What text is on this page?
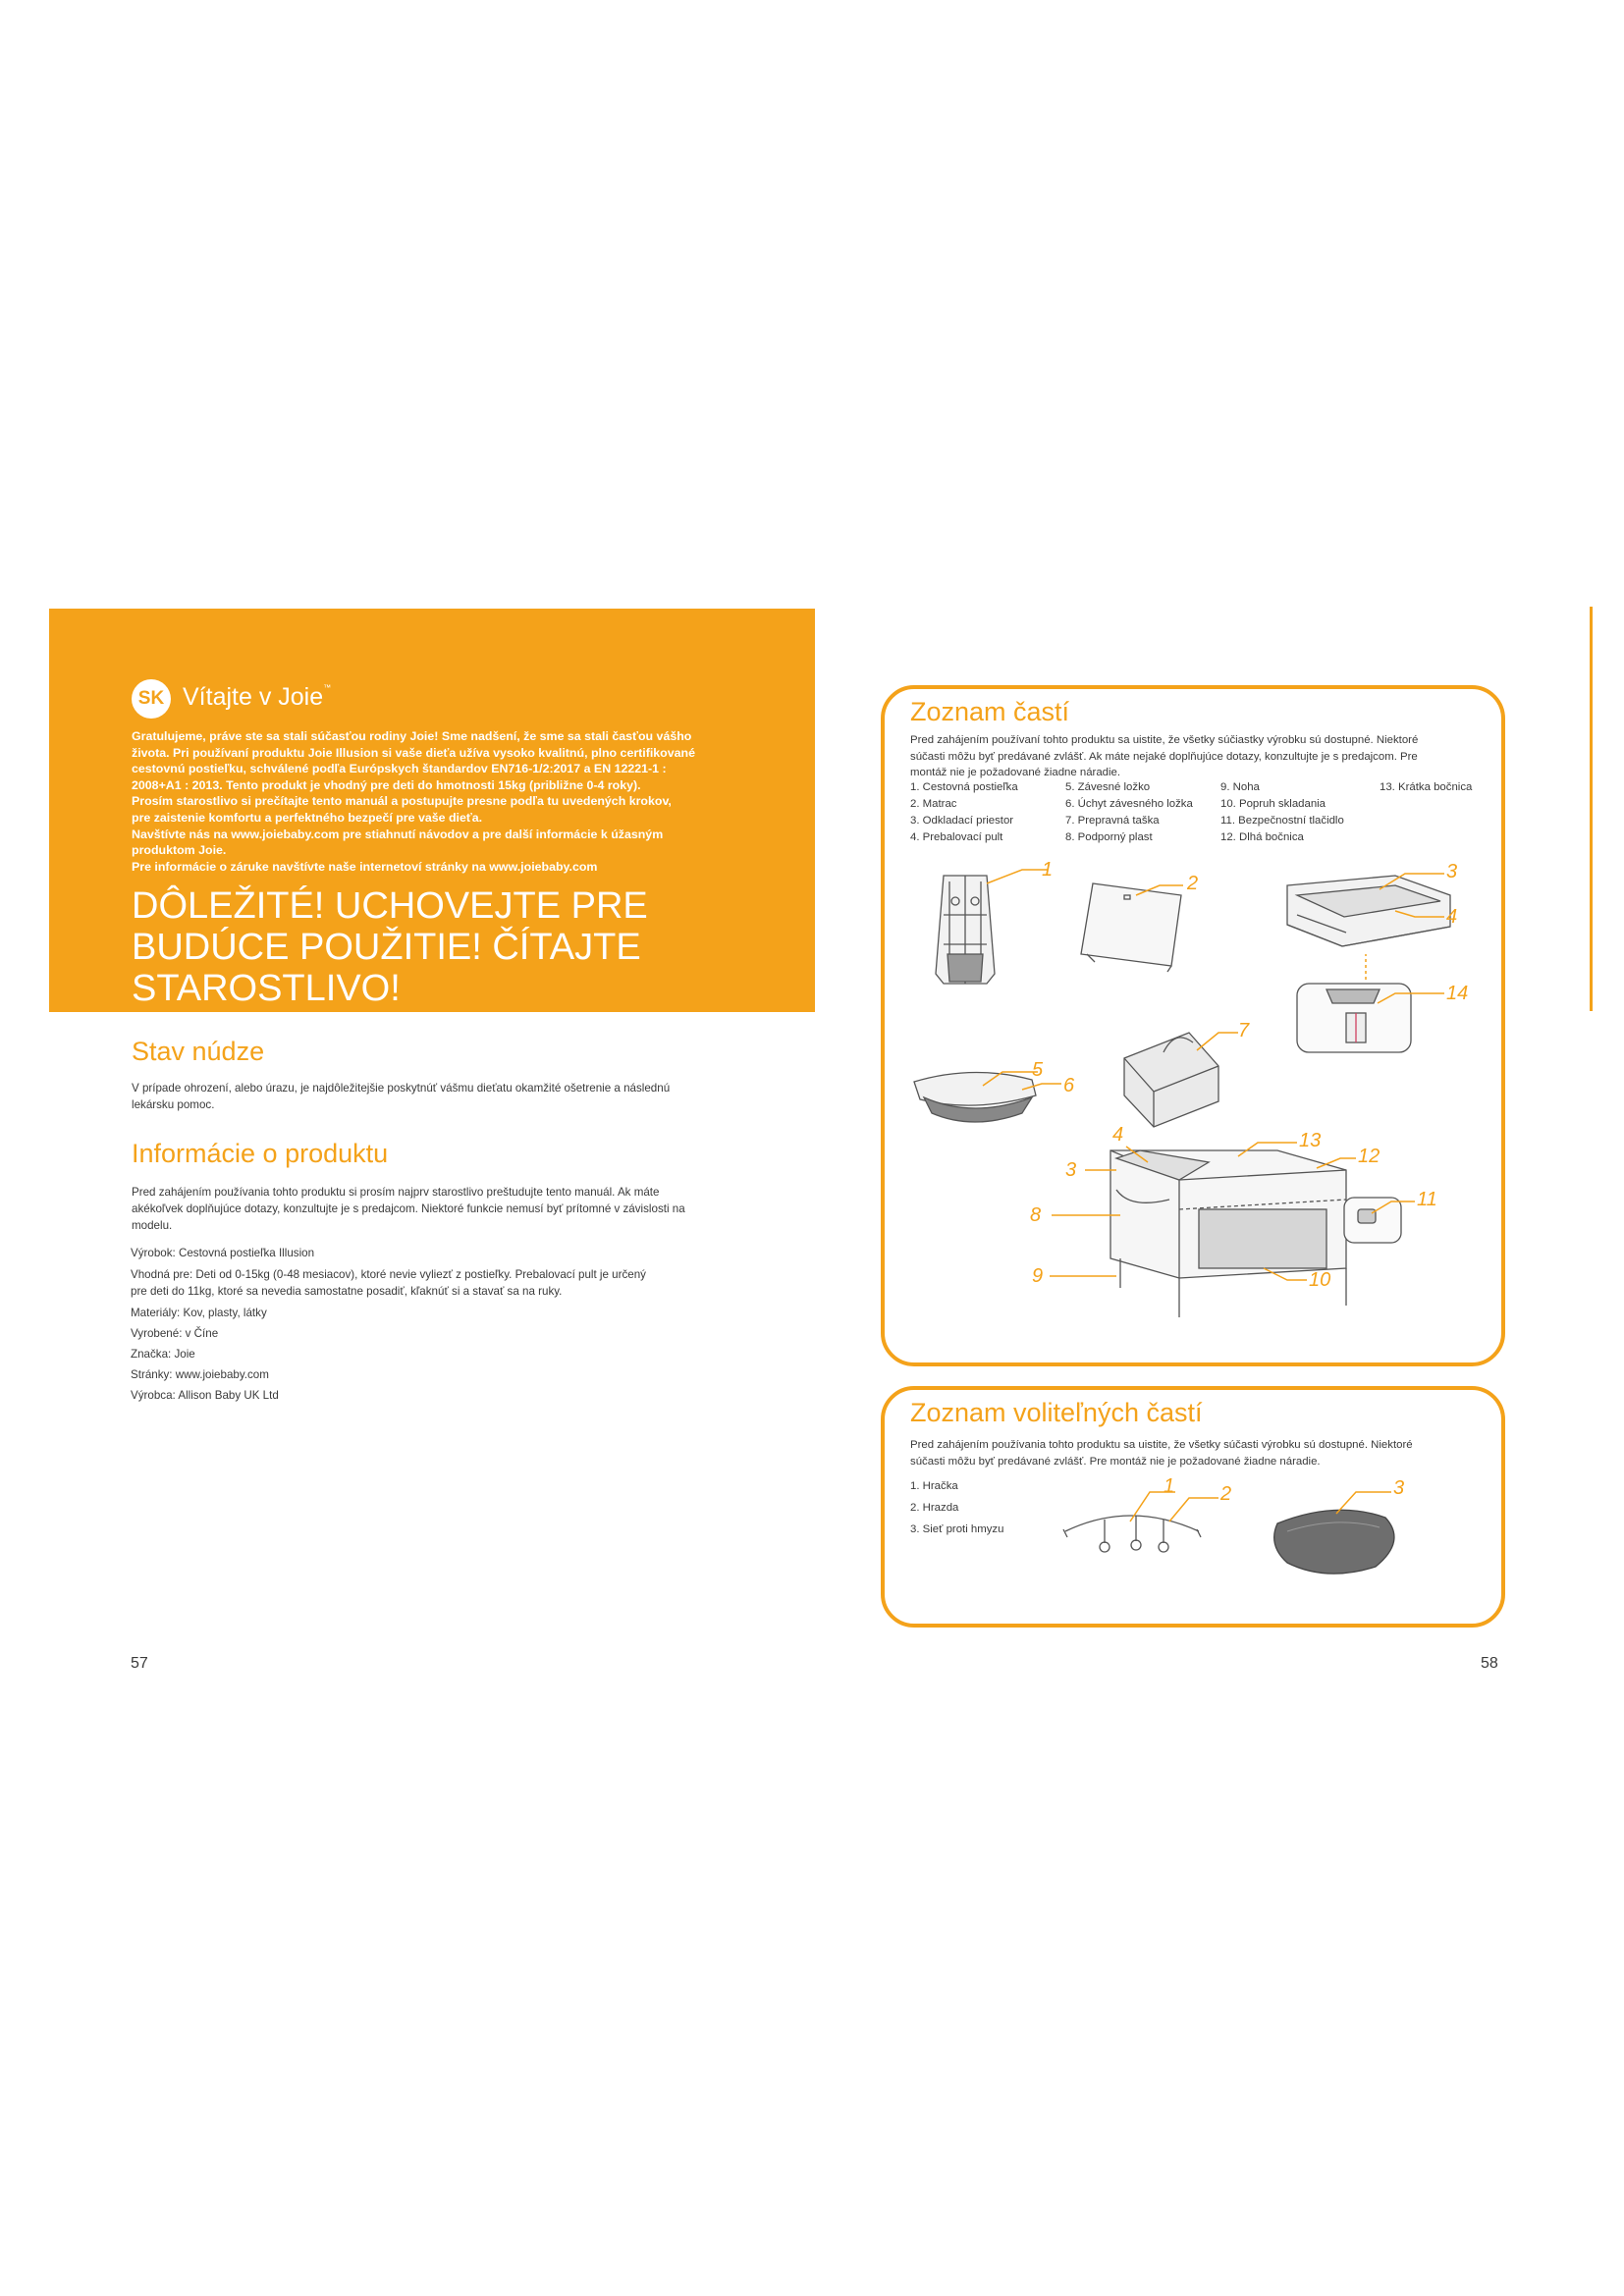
SK Vítajte v Joie™
Gratulujeme, práve ste sa stali súčasťou rodiny Joie! Sme nadšení, že sme sa stali časťou vášho
života. Pri používaní produktu Joie Illusion si vaše dieťa užíva vysoko kvalitnú, plno certifikované
cestovnú postieľku, schválené podľa Európskych štandardov EN716-1/2:2017 a EN 12221-1 :
2008+A1 : 2013. Tento produkt je vhodný pre deti do hmotnosti 15kg (približne 0-4 roky).
Prosím starostlivo si prečítajte tento manuál a postupujte presne podľa tu uvedených krokov,
pre zaistenie komfortu a perfektného bezpečí pre vaše dieťa.
Navštívte nás na www.joiebaby.com pre stiahnutí návodov a pre další informácie k úžasným
produktom Joie.
Pre informácie o záruke navštívte naše internetoví stránky na www.joiebaby.com
DÔLEŽITÉ! UCHOVEJTE PRE
BUDÚCE POUŽITIE! ČÍTAJTE
STAROSTLIVO!
Stav núdze
V prípade ohrození, alebo úrazu, je najdôležitejšie poskytnúť vášmu dieťatu okamžité ošetrenie a následnú
lekársku pomoc.
Informácie o produktu
Pred zahájením používania tohto produktu si prosím najprv starostlivo preštudujte tento manuál. Ak máte
akékoľvek doplňujúce dotazy, konzultujte je s predajcom. Niektoré funkcie nemusí byť prítomné v závislosti na
modelu.
Výrobok: Cestovná postieľka Illusion
Vhodná pre: Deti od 0-15kg (0-48 mesiacov), ktoré nevie vyliezť z postieľky. Prebalovací pult je určený
pre deti do 11kg, ktoré sa nevedia samostatne posadiť, kľaknúť si a stavať sa na ruky.
Materiály: Kov, plasty, látky
Vyrobené: v Číne
Značka: Joie
Stránky: www.joiebaby.com
Výrobca: Allison Baby UK Ltd
57
Zoznam častí
Pred zahájením používaní tohto produktu sa uistite, že všetky súčiastky výrobku sú dostupné. Niektoré
súčasti môžu byť predávané zvlášť. Ak máte nejaké doplňujúce dotazy, konzultujte je s predajcom. Pre
montáž nie je požadované žiadne náradie.
1. Cestovná postieľka
2. Matrac
3. Odkladací priestor
4. Prebalovací pult
5. Závesné ložko
6. Úchyt závesného ložka
7. Prepravná taška
8. Podporný plast
9. Noha
10. Popruh skladania
11. Bezpečnostní tlačidlo
12. Dlhá bočnica
13. Krátka bočnica
1
2
3
4
5
6
7
14
4
3
8
9
13
12
11
10
Zoznam voliteľných častí
Pred zahájením používania tohto produktu sa uistite, že všetky súčasti výrobku sú dostupné. Niektoré
súčasti môžu byť predávané zvlášť. Pre montáž nie je požadované žiadne náradie.
1. Hračka
2. Hrazda
3. Sieť proti hmyzu
1 2	3
58
